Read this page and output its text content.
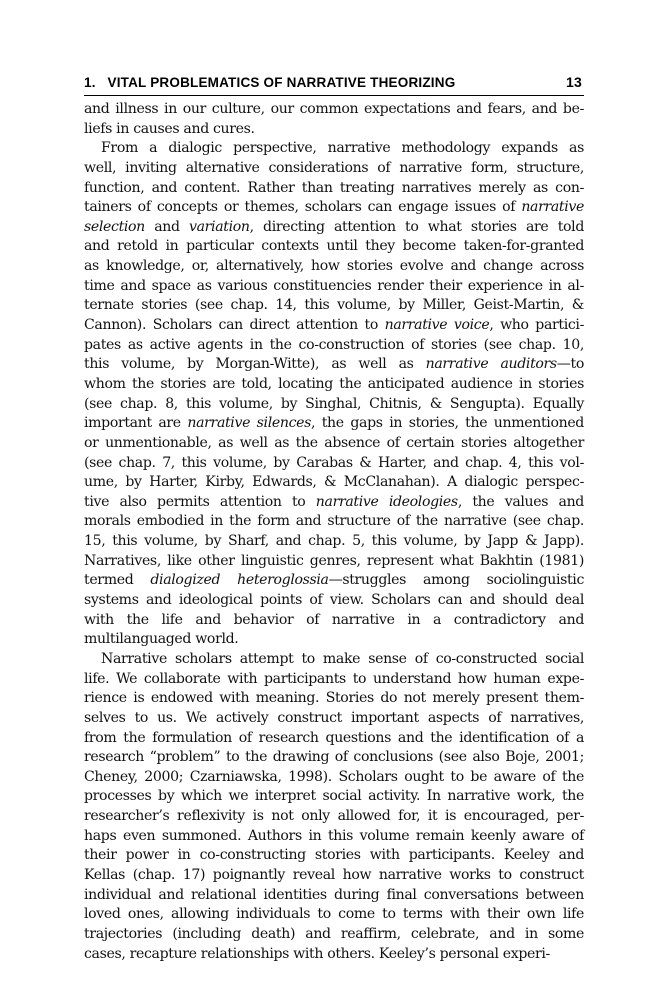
1.   VITAL PROBLEMATICS OF NARRATIVE THEORIZING	13
and illness in our culture, our common expectations and fears, and be-
liefs in causes and cures.
From a dialogic perspective, narrative methodology expands as
well, inviting alternative considerations of narrative form, structure,
function, and content. Rather than treating narratives merely as con-
tainers of concepts or themes, scholars can engage issues of narrative
selection and variation, directing attention to what stories are told
and retold in particular contexts until they become taken-for-granted
as knowledge, or, alternatively, how stories evolve and change across
time and space as various constituencies render their experience in al-
ternate stories (see chap. 14, this volume, by Miller, Geist-Martin, &
Cannon). Scholars can direct attention to narrative voice, who partici-
pates as active agents in the co-construction of stories (see chap. 10,
this volume, by Morgan-Witte), as well as narrative auditors—to
whom the stories are told, locating the anticipated audience in stories
(see chap. 8, this volume, by Singhal, Chitnis, & Sengupta). Equally
important are narrative silences, the gaps in stories, the unmentioned
or unmentionable, as well as the absence of certain stories altogether
(see chap. 7, this volume, by Carabas & Harter, and chap. 4, this vol-
ume, by Harter, Kirby, Edwards, & McClanahan). A dialogic perspec-
tive also permits attention to narrative ideologies, the values and
morals embodied in the form and structure of the narrative (see chap.
15, this volume, by Sharf, and chap. 5, this volume, by Japp & Japp).
Narratives, like other linguistic genres, represent what Bakhtin (1981)
termed dialogized heteroglossia—struggles among sociolinguistic
systems and ideological points of view. Scholars can and should deal
with the life and behavior of narrative in a contradictory and
multilanguaged world.
Narrative scholars attempt to make sense of co-constructed social
life. We collaborate with participants to understand how human expe-
rience is endowed with meaning. Stories do not merely present them-
selves to us. We actively construct important aspects of narratives,
from the formulation of research questions and the identification of a
research “problem” to the drawing of conclusions (see also Boje, 2001;
Cheney, 2000; Czarniawska, 1998). Scholars ought to be aware of the
processes by which we interpret social activity. In narrative work, the
researcher’s reflexivity is not only allowed for, it is encouraged, per-
haps even summoned. Authors in this volume remain keenly aware of
their power in co-constructing stories with participants. Keeley and
Kellas (chap. 17) poignantly reveal how narrative works to construct
individual and relational identities during final conversations between
loved ones, allowing individuals to come to terms with their own life
trajectories (including death) and reaffirm, celebrate, and in some
cases, recapture relationships with others. Keeley’s personal experi-
